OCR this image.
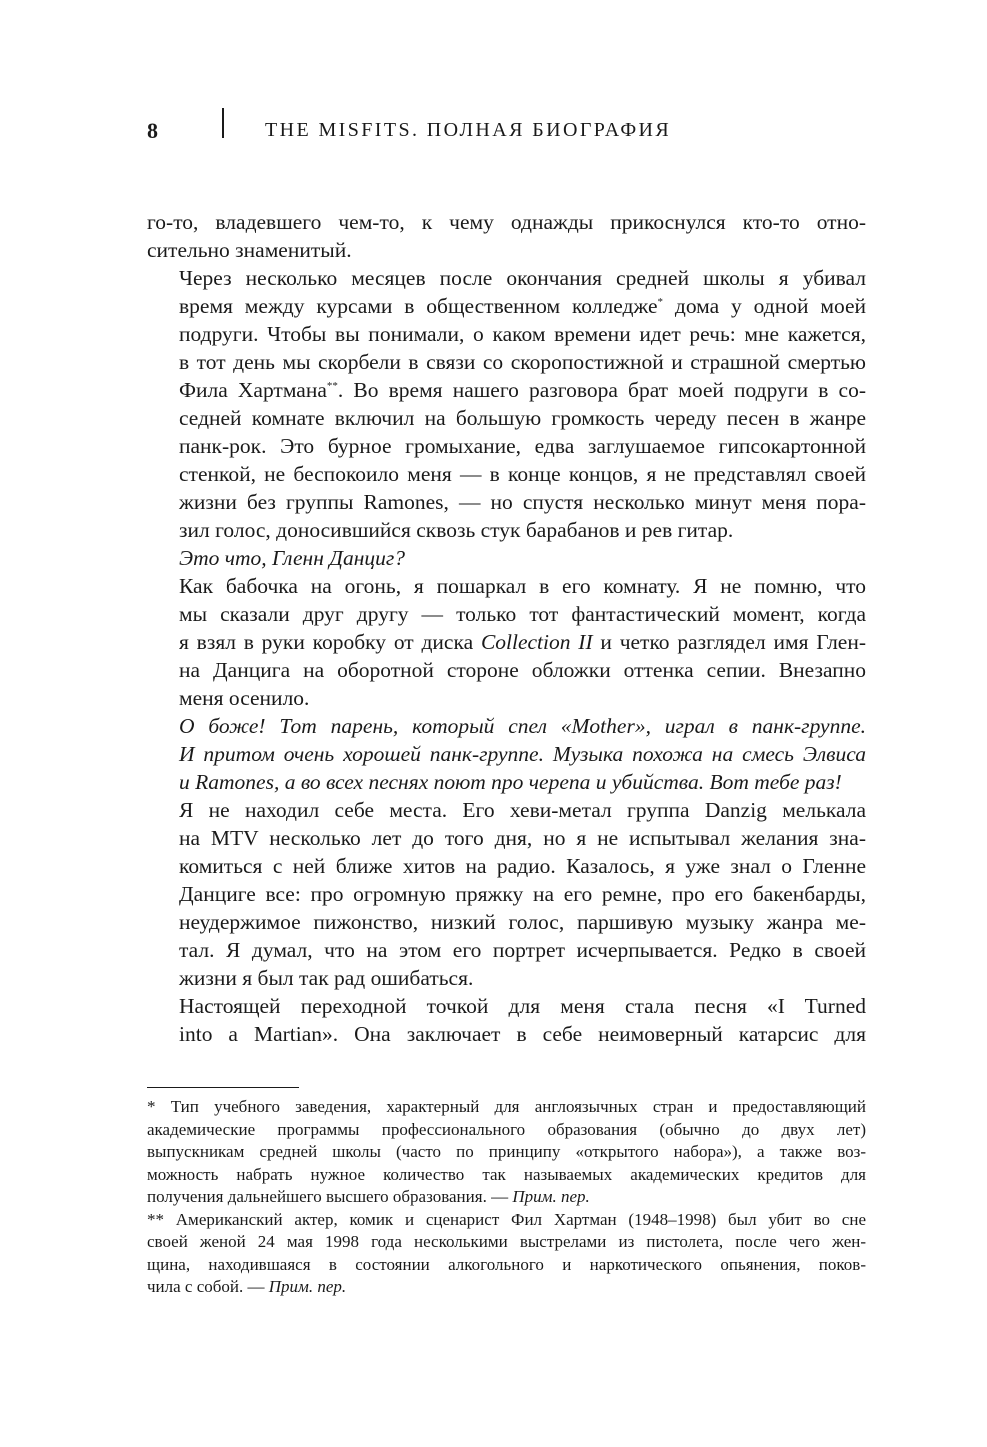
8	THE MISFITS. ПОЛНАЯ БИОГРАФИЯ

го-то, владевшего чем-то, к чему однажды прикоснулся кто-то отно-
сительно знаменитый.

Через несколько месяцев после окончания средней школы я убивал
время между курсами в общественном колледже* дома у одной моей
подруги. Чтобы вы понимали, о каком времени идет речь: мне кажется,
в тот день мы скорбели в связи со скоропостижной и страшной смертью
Фила Хартмана**. Во время нашего разговора брат моей подруги в со-
седней комнате включил на большую громкость череду песен в жанре
панк-рок. Это бурное громыхание, едва заглушаемое гипсокартонной
стенкой, не беспокоило меня — в конце концов, я не представлял своей
жизни без группы Ramones, — но спустя несколько минут меня пора-
зил голос, доносившийся сквозь стук барабанов и рев гитар.

Это что, Гленн Данциг?

Как бабочка на огонь, я пошаркал в его комнату. Я не помню, что
мы сказали друг другу — только тот фантастический момент, когда
я взял в руки коробку от диска Collection II и четко разглядел имя Глен-
на Данцига на оборотной стороне обложки оттенка сепии. Внезапно
меня осенило.

О боже! Тот парень, который спел «Mother», играл в панк-группе.
И притом очень хорошей панк-группе. Музыка похожа на смесь Элвиса
и Ramones, а во всех песнях поют про черепа и убийства. Вот тебе раз!

Я не находил себе места. Его хеви-метал группа Danzig мелькала
на MTV несколько лет до того дня, но я не испытывал желания зна-
комиться с ней ближе хитов на радио. Казалось, я уже знал о Гленне
Данциге все: про огромную пряжку на его ремне, про его бакенбарды,
неудержимое пижонство, низкий голос, паршивую музыку жанра ме-
тал. Я думал, что на этом его портрет исчерпывается. Редко в своей
жизни я был так рад ошибаться.

Настоящей переходной точкой для меня стала песня «I Turned
into a Martian». Она заключает в себе неимоверный катарсис для

* Тип учебного заведения, характерный для англоязычных стран и предоставляющий
академические программы профессионального образования (обычно до двух лет)
выпускникам средней школы (часто по принципу «открытого набора»), а также воз-
можность набрать нужное количество так называемых академических кредитов для
получения дальнейшего высшего образования. — Прим. пер.

** Американский актер, комик и сценарист Фил Хартман (1948–1998) был убит во сне
своей женой 24 мая 1998 года несколькими выстрелами из пистолета, после чего жен-
щина, находившаяся в состоянии алкогольного и наркотического опьянения, поков-
чила с собой. — Прим. пер.
